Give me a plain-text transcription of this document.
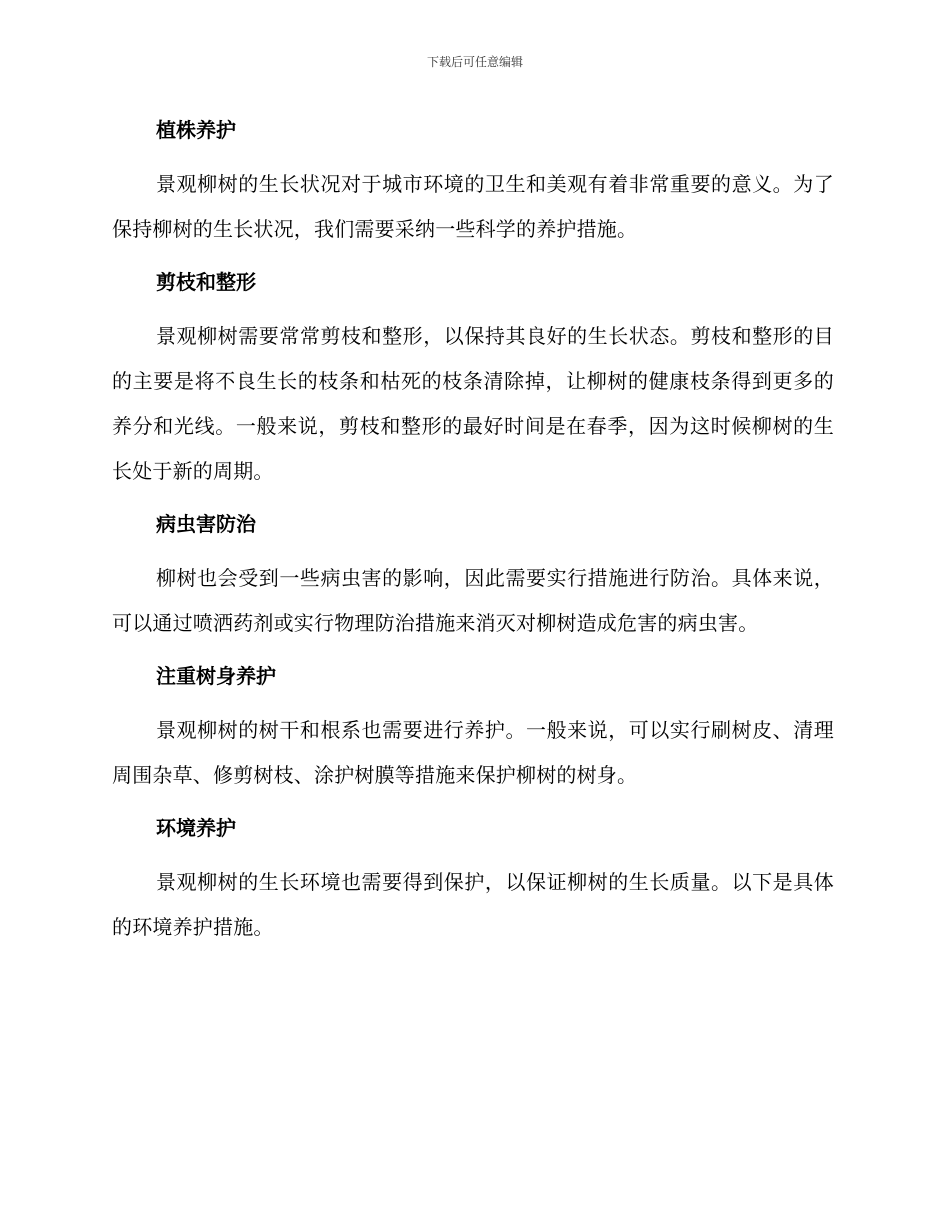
下载后可任意编辑
植株养护

景观柳树的生长状况对于城市环境的卫生和美观有着非常重要的意义。为了保持柳树的生长状况，我们需要采纳一些科学的养护措施。

剪枝和整形

景观柳树需要常常剪枝和整形，以保持其良好的生长状态。剪枝和整形的目的主要是将不良生长的枝条和枯死的枝条清除掉，让柳树的健康枝条得到更多的养分和光线。一般来说，剪枝和整形的最好时间是在春季，因为这时候柳树的生长处于新的周期。

病虫害防治

柳树也会受到一些病虫害的影响，因此需要实行措施进行防治。具体来说，可以通过喷洒药剂或实行物理防治措施来消灭对柳树造成危害的病虫害。

注重树身养护

景观柳树的树干和根系也需要进行养护。一般来说，可以实行刷树皮、清理周围杂草、修剪树枝、涂护树膜等措施来保护柳树的树身。

环境养护

景观柳树的生长环境也需要得到保护，以保证柳树的生长质量。以下是具体的环境养护措施。
